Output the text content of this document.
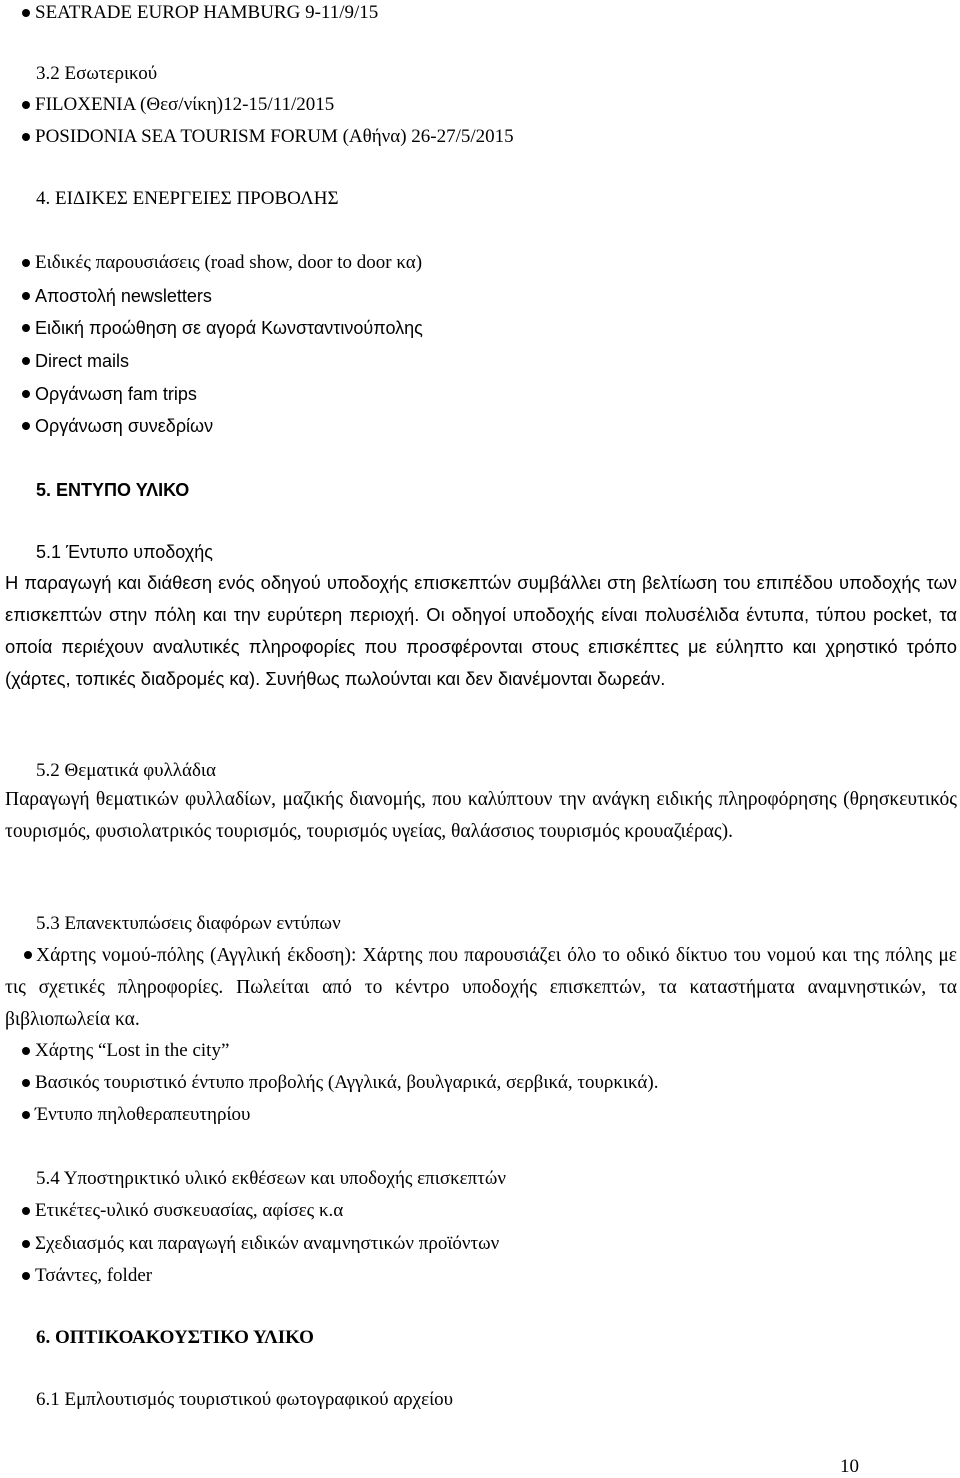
SEATRADE EUROP HAMBURG 9-11/9/15
3.2 Εσωτερικού
FILOXENIA (Θεσ/νίκη)12-15/11/2015
POSIDONIA SEA TOURISM FORUM (Αθήνα) 26-27/5/2015
4. ΕΙΔΙΚΕΣ ΕΝΕΡΓΕΙΕΣ ΠΡΟΒΟΛΗΣ
Ειδικές παρουσιάσεις (road show, door to door κα)
Αποστολή newsletters
Ειδική προώθηση σε αγορά Κωνσταντινούπολης
Direct mails
Οργάνωση fam trips
Οργάνωση συνεδρίων
5. ΕΝΤΥΠΟ ΥΛΙΚΟ
5.1 Έντυπο υποδοχής

Η παραγωγή και διάθεση ενός οδηγού υποδοχής επισκεπτών συμβάλλει στη βελτίωση του επιπέδου υποδοχής των επισκεπτών στην πόλη και την ευρύτερη περιοχή. Οι οδηγοί υποδοχής είναι πολυσέλιδα έντυπα, τύπου pocket, τα οποία περιέχουν αναλυτικές πληροφορίες που προσφέρονται στους επισκέπτες με εύληπτο και χρηστικό τρόπο (χάρτες, τοπικές διαδρομές κα). Συνήθως πωλούνται και δεν διανέμονται δωρεάν.

5.2 Θεματικά φυλλάδια

Παραγωγή θεματικών φυλλαδίων, μαζικής διανομής, που καλύπτουν την ανάγκη ειδικής πληροφόρησης (θρησκευτικός τουρισμός, φυσιολατρικός τουρισμός, τουρισμός υγείας, θαλάσσιος τουρισμός κρουαζιέρας).

5.3 Επανεκτυπώσεις διαφόρων εντύπων

Χάρτης νομού-πόλης (Αγγλική έκδοση): Χάρτης που παρουσιάζει όλο το οδικό δίκτυο του νομού και της πόλης με τις σχετικές πληροφορίες. Πωλείται από το κέντρο υποδοχής επισκεπτών, τα καταστήματα αναμνηστικών, τα βιβλιοπωλεία κα.

Χάρτης “Lost in the city”
Βασικός τουριστικό έντυπο προβολής (Αγγλικά, βουλγαρικά, σερβικά, τουρκικά).
Έντυπο πηλοθεραπευτηρίου
5.4 Υποστηρικτικό υλικό εκθέσεων και υποδοχής επισκεπτών
Ετικέτες-υλικό συσκευασίας, αφίσες κ.α
Σχεδιασμός και παραγωγή ειδικών αναμνηστικών προϊόντων
Τσάντες, folder
6. ΟΠΤΙΚΟΑΚΟΥΣΤΙΚΟ ΥΛΙΚΟ
6.1 Εμπλουτισμός τουριστικού φωτογραφικού αρχείου
10
